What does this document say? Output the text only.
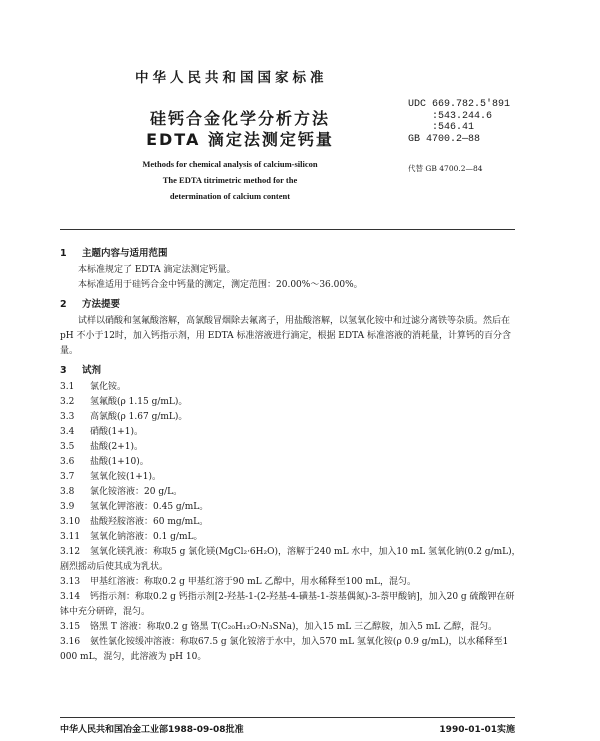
中华人民共和国国家标准
硅钙合金化学分析方法
EDTA 滴定法测定钙量
Methods for chemical analysis of calcium-silicon
The EDTA titrimetric method for the
determination of calcium content
UDC 669.782.5'891
:543.244.6
:546.41
GB 4700.2—88
代替 GB 4700.2—84
1 主题内容与适用范围
本标准规定了 EDTA 滴定法测定钙量。
本标准适用于硅钙合金中钙量的测定，测定范围：20.00%～36.00%。
2 方法提要
试样以硝酸和氢氟酸溶解，高氯酸冒烟除去氟离子，用盐酸溶解，以氢氧化铵中和过滤分离铁等杂质。然后在 pH 不小于12时，加入钙指示剂，用 EDTA 标准溶液进行滴定，根据 EDTA 标准溶液的消耗量，计算钙的百分含量。
3 试剂
3.1 氯化铵。
3.2 氢氟酸(ρ 1.15 g/mL)。
3.3 高氯酸(ρ 1.67 g/mL)。
3.4 硝酸(1+1)。
3.5 盐酸(2+1)。
3.6 盐酸(1+10)。
3.7 氢氧化铵(1+1)。
3.8 氯化铵溶液：20 g/L。
3.9 氢氧化钾溶液：0.45 g/mL。
3.10 盐酸羟胺溶液：60 mg/mL。
3.11 氢氧化钠溶液：0.1 g/mL。
3.12 氢氧化镁乳液：称取5 g 氯化镁(MgCl₂·6H₂O)，溶解于240 mL 水中，加入10 mL 氢氧化钠(0.2 g/mL)，剧烈摇动后使其成为乳状。
3.13 甲基红溶液：称取0.2 g 甲基红溶于90 mL 乙醇中，用水稀释至100 mL，混匀。
3.14 钙指示剂：称取0.2 g 钙指示剂[2-羟基-1-(2-羟基-4-磺基-1-萘基偶氮)-3-萘甲酸钠]，加入20 g 硫酸钾在研钵中充分研碎，混匀。
3.15 铬黑 T 溶液：称取0.2 g 铬黑 T(C₂₀H₁₂O₇N₃SNa)，加入15 mL 三乙醇胺，加入5 mL 乙醇，混匀。
3.16 氨性氯化铵缓冲溶液：称取67.5 g 氯化铵溶于水中，加入570 mL 氢氧化铵(ρ 0.9 g/mL)，以水稀释至1 000 mL，混匀，此溶液为 pH 10。
中华人民共和国冶金工业部1988-09-08批准	1990-01-01实施
